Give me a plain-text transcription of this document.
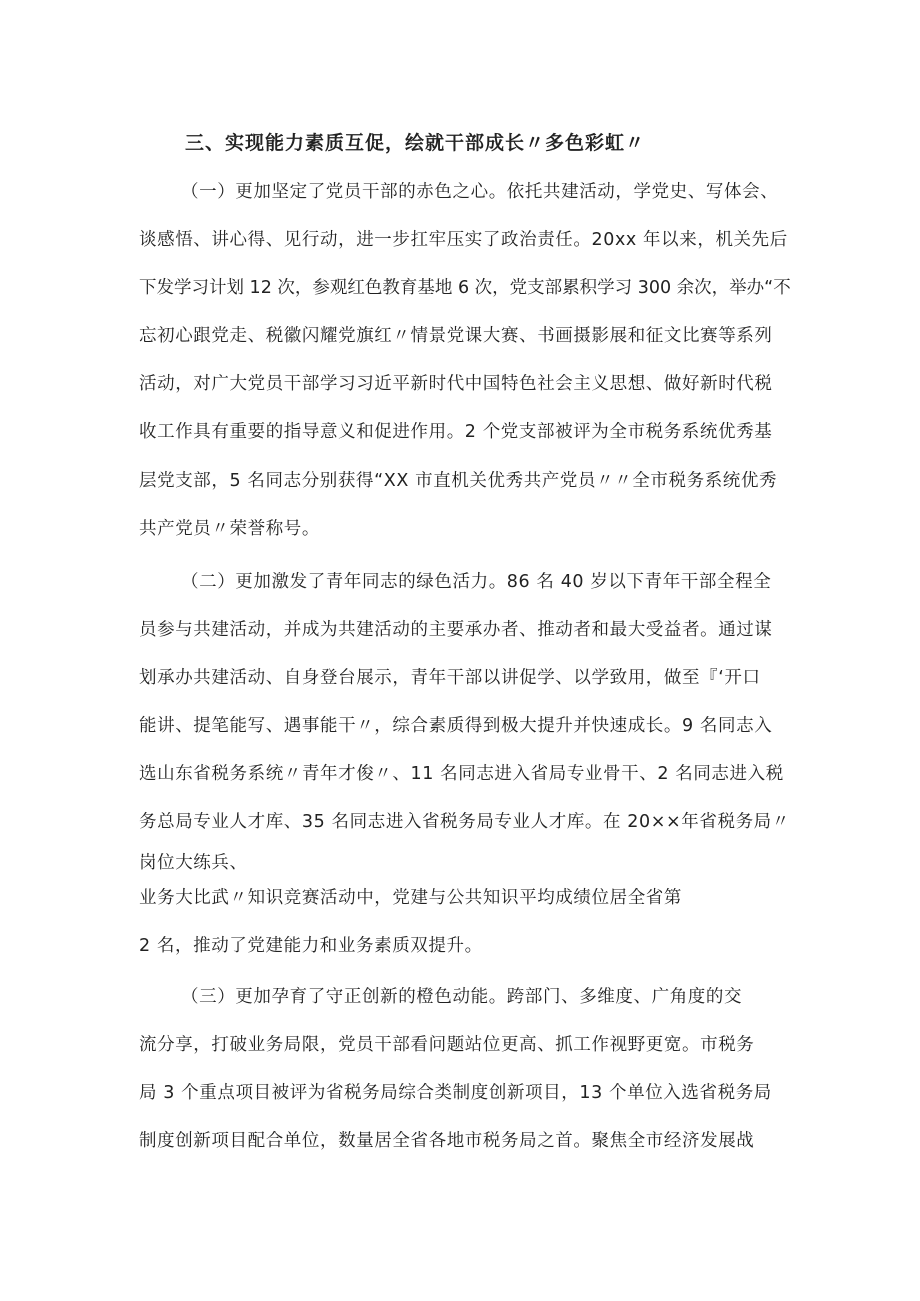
三、实现能力素质互促，绘就干部成长〃多色彩虹〃
（一）更加坚定了党员干部的赤色之心。依托共建活动，学党史、写体会、
谈感悟、讲心得、见行动，进一步扛牢压实了政治责任。20xx 年以来，机关先后
下发学习计划 12 次，参观红色教育基地 6 次，党支部累积学习 300 余次，举办“不
忘初心跟党走、税徽闪耀党旗红〃情景党课大赛、书画摄影展和征文比赛等系列
活动，对广大党员干部学习习近平新时代中国特色社会主义思想、做好新时代税
收工作具有重要的指导意义和促进作用。2 个党支部被评为全市税务系统优秀基
层党支部，5 名同志分别获得“XX 市直机关优秀共产党员〃〃全市税务系统优秀
共产党员〃荣誉称号。
（二）更加激发了青年同志的绿色活力。86 名 40 岁以下青年干部全程全
员参与共建活动，并成为共建活动的主要承办者、推动者和最大受益者。通过谋
划承办共建活动、自身登台展示，青年干部以讲促学、以学致用，做至『‘开口
能讲、提笔能写、遇事能干〃，综合素质得到极大提升并快速成长。9 名同志入
选山东省税务系统〃青年才俊〃、11 名同志进入省局专业骨干、2 名同志进入税
务总局专业人才库、35 名同志进入省税务局专业人才库。在 20××年省税务局〃
岗位大练兵、
业务大比武〃知识竞赛活动中，党建与公共知识平均成绩位居全省第
2 名，推动了党建能力和业务素质双提升。
（三）更加孕育了守正创新的橙色动能。跨部门、多维度、广角度的交
流分享，打破业务局限，党员干部看问题站位更高、抓工作视野更宽。市税务
局 3 个重点项目被评为省税务局综合类制度创新项目，13 个单位入选省税务局
制度创新项目配合单位，数量居全省各地市税务局之首。聚焦全市经济发展战
